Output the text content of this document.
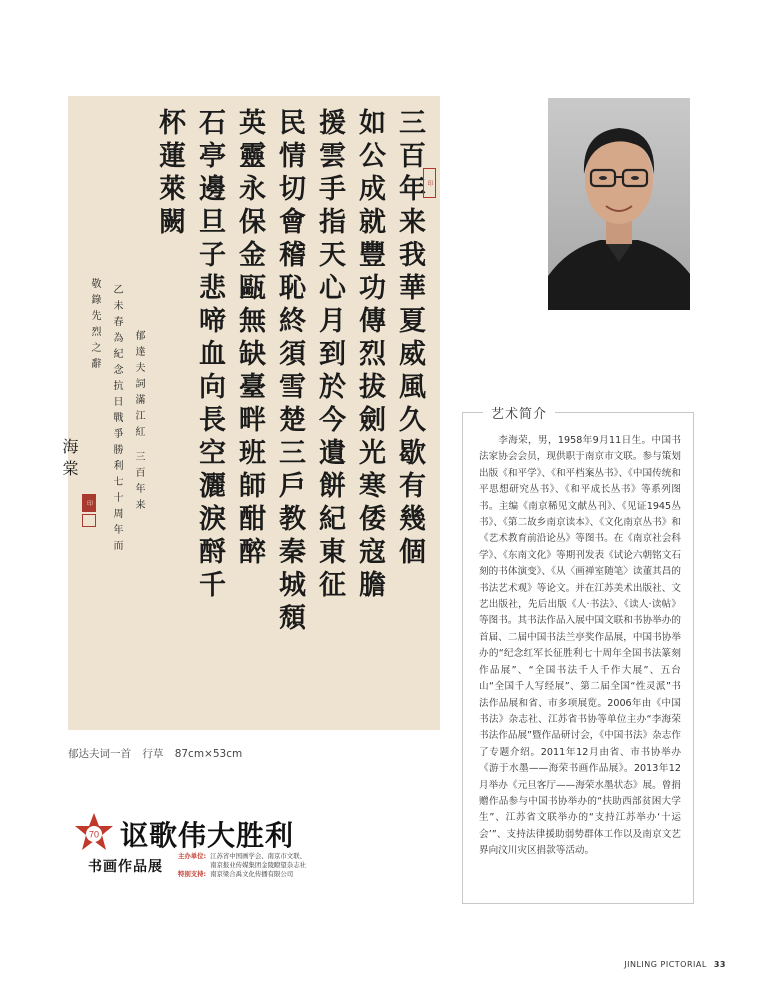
三百年来我華夏威風久歇有幾個
如公成就豐功傳烈拔劍光寒倭寇膽
援雲手指天心月到於今遺餅紀東征
民情切會稽恥終須雪楚三戶教秦城頹
英靈永保金甌無缺臺畔班師酣醉
石亭邊旦子悲啼血向長空灑淚酹千
杯蓮萊闕
郁達夫詞滿江紅 三百年来
乙未春為紀念抗日戰爭勝利七十周年而
敬錄先烈之辭
海棠
印
印
郁达夫词一首 行草 87cm×53cm
70 讴歌伟大胜利
书画作品展
主办单位: 江苏省中国画学会、南京市文联、
南京报业传媒集团金陵瞭望杂志社
特别支持: 南京梁合禹文化传播有限公司
艺术简介
李海荣，男，1958年9月11日生。中国书法家协会会员，现供职于南京市文联。参与策划出版《和平学》、《和平档案丛书》、《中国传统和平思想研究丛书》、《和平成长丛书》等系列图书。主编《南京稀见文献丛刊》、《见证1945丛书》、《第二故乡南京读本》、《文化南京丛书》和《艺术教育前沿论丛》等图书。在《南京社会科学》、《东南文化》等期刊发表《试论六朝铭文石刻的书体演变》、《从〈画禅室随笔〉读董其昌的书法艺术观》等论文。并在江苏美术出版社、文艺出版社，先后出版《人·书法》、《读人·读帖》等图书。其书法作品入展中国文联和书协举办的首届、二届中国书法兰亭奖作品展，中国书协举办的“纪念红军长征胜利七十周年全国书法篆刻作品展”、“全国书法千人千作大展”、五台山“全国千人写经展”、第二届全国“性灵派”书法作品展和省、市多项展览。2006年由《中国书法》杂志社、江苏省书协等单位主办“李海荣书法作品展”暨作品研讨会，《中国书法》杂志作了专题介绍。2011年12月由省、市书协举办《游于水墨——海荣书画作品展》。2013年12月举办《元旦客厅——海荣水墨状态》展。曾捐赠作品参与中国书协举办的“扶助西部贫困大学生”、江苏省文联举办的“支持江苏举办‘十运会’”、支持法律援助弱势群体工作以及南京文艺界向汶川灾区捐款等活动。
JINLING PICTORIAL 33
